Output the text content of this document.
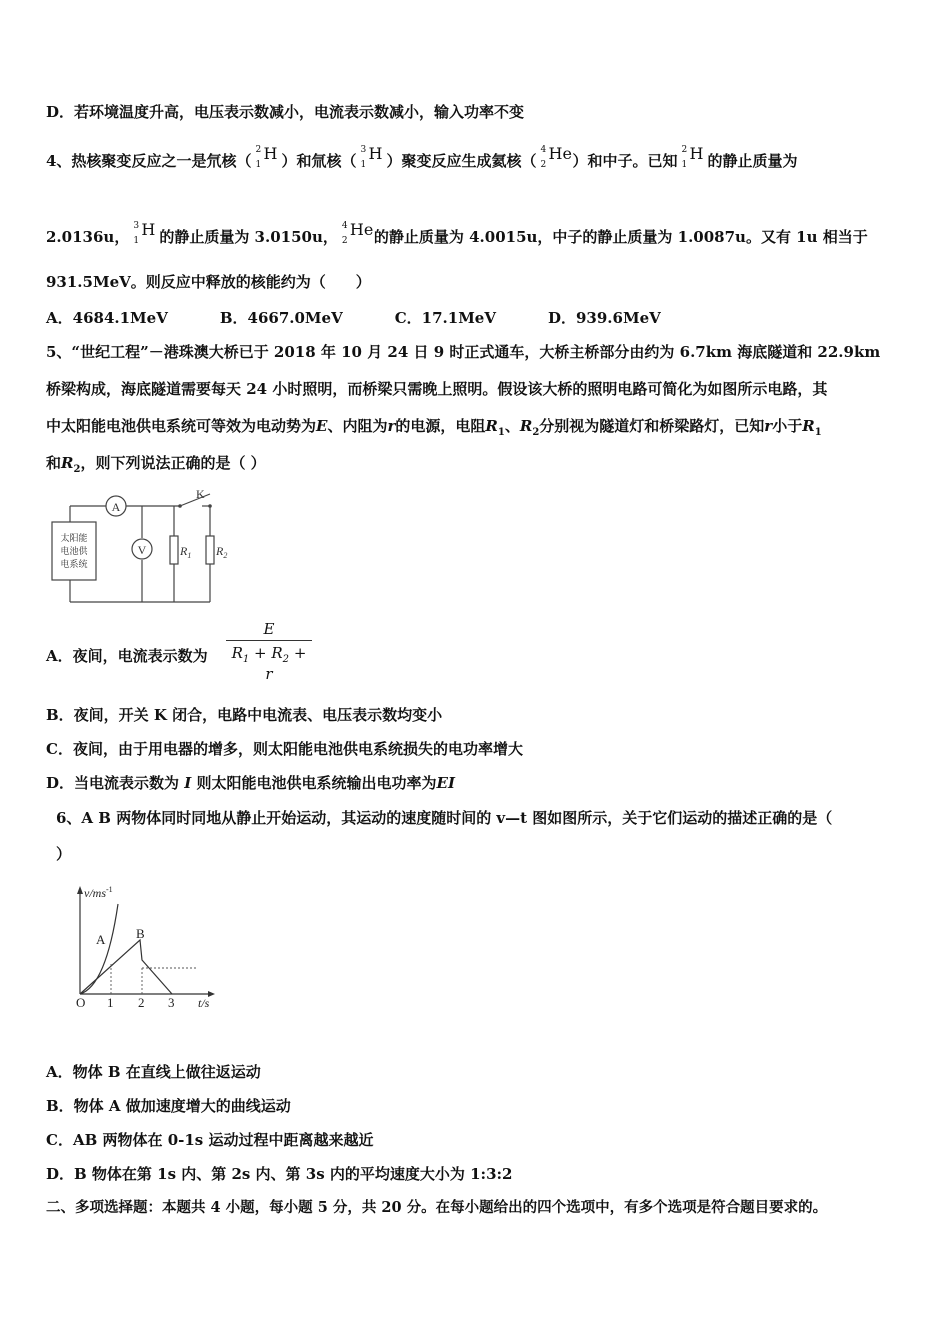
D．若环境温度升高，电压表示数减小，电流表示数减小，输入功率不变
4、热核聚变反应之一是氘核（
2
1
H ）和氚核（
3
1
H ）聚变反应生成氦核（
4
2
He ）和中子。已知
2
1
H 的静止质量为
2.0136u，
3
1
H 的静止质量为 3.0150u，
4
2
He 的静止质量为 4.0015u，中子的静止质量为 1.0087u。又有 1u 相当于
931.5MeV。则反应中释放的核能约为（　　）
A．4684.1MeV	B．4667.0MeV	C．17.1MeV	D．939.6MeV
5、“世纪工程”－港珠澳大桥已于 2018 年 10 月 24 日 9 时正式通车，大桥主桥部分由约为 6.7km 海底隧道和 22.9km
桥梁构成，海底隧道需要每天 24 小时照明，而桥梁只需晚上照明。假设该大桥的照明电路可简化为如图所示电路，其
中太阳能电池供电系统可等效为电动势为E、内阻为r的电源，电阻$R_1$、$R_2$分别视为隧道灯和桥梁路灯，已知r小于$R_1$
和$R_2$，则下列说法正确的是（ ）
太阳能
电池供
电系统
A
V	$R_1$ $R_2$
K
A．夜间，电流表示数为 $\frac{E}{R_1 + R_2 + r}$
B．夜间，开关 K 闭合，电路中电流表、电压表示数均变小
C．夜间，由于用电器的增多，则太阳能电池供电系统损失的电功率增大
D．当电流表示数为 I 则太阳能电池供电系统输出电功率为EI
6、A B 两物体同时同地从静止开始运动，其运动的速度随时间的 v—t 图如图所示，关于它们运动的描述正确的是（
）
$v/ms^{-1}$
A B
O 1 2 3 t/s
A．物体 B 在直线上做往返运动
B．物体 A 做加速度增大的曲线运动
C．AB 两物体在 0-1s 运动过程中距离越来越近
D．B 物体在第 1s 内、第 2s 内、第 3s 内的平均速度大小为 1:3:2
二、多项选择题：本题共 4 小题，每小题 5 分，共 20 分。在每小题给出的四个选项中，有多个选项是符合题目要求的。
